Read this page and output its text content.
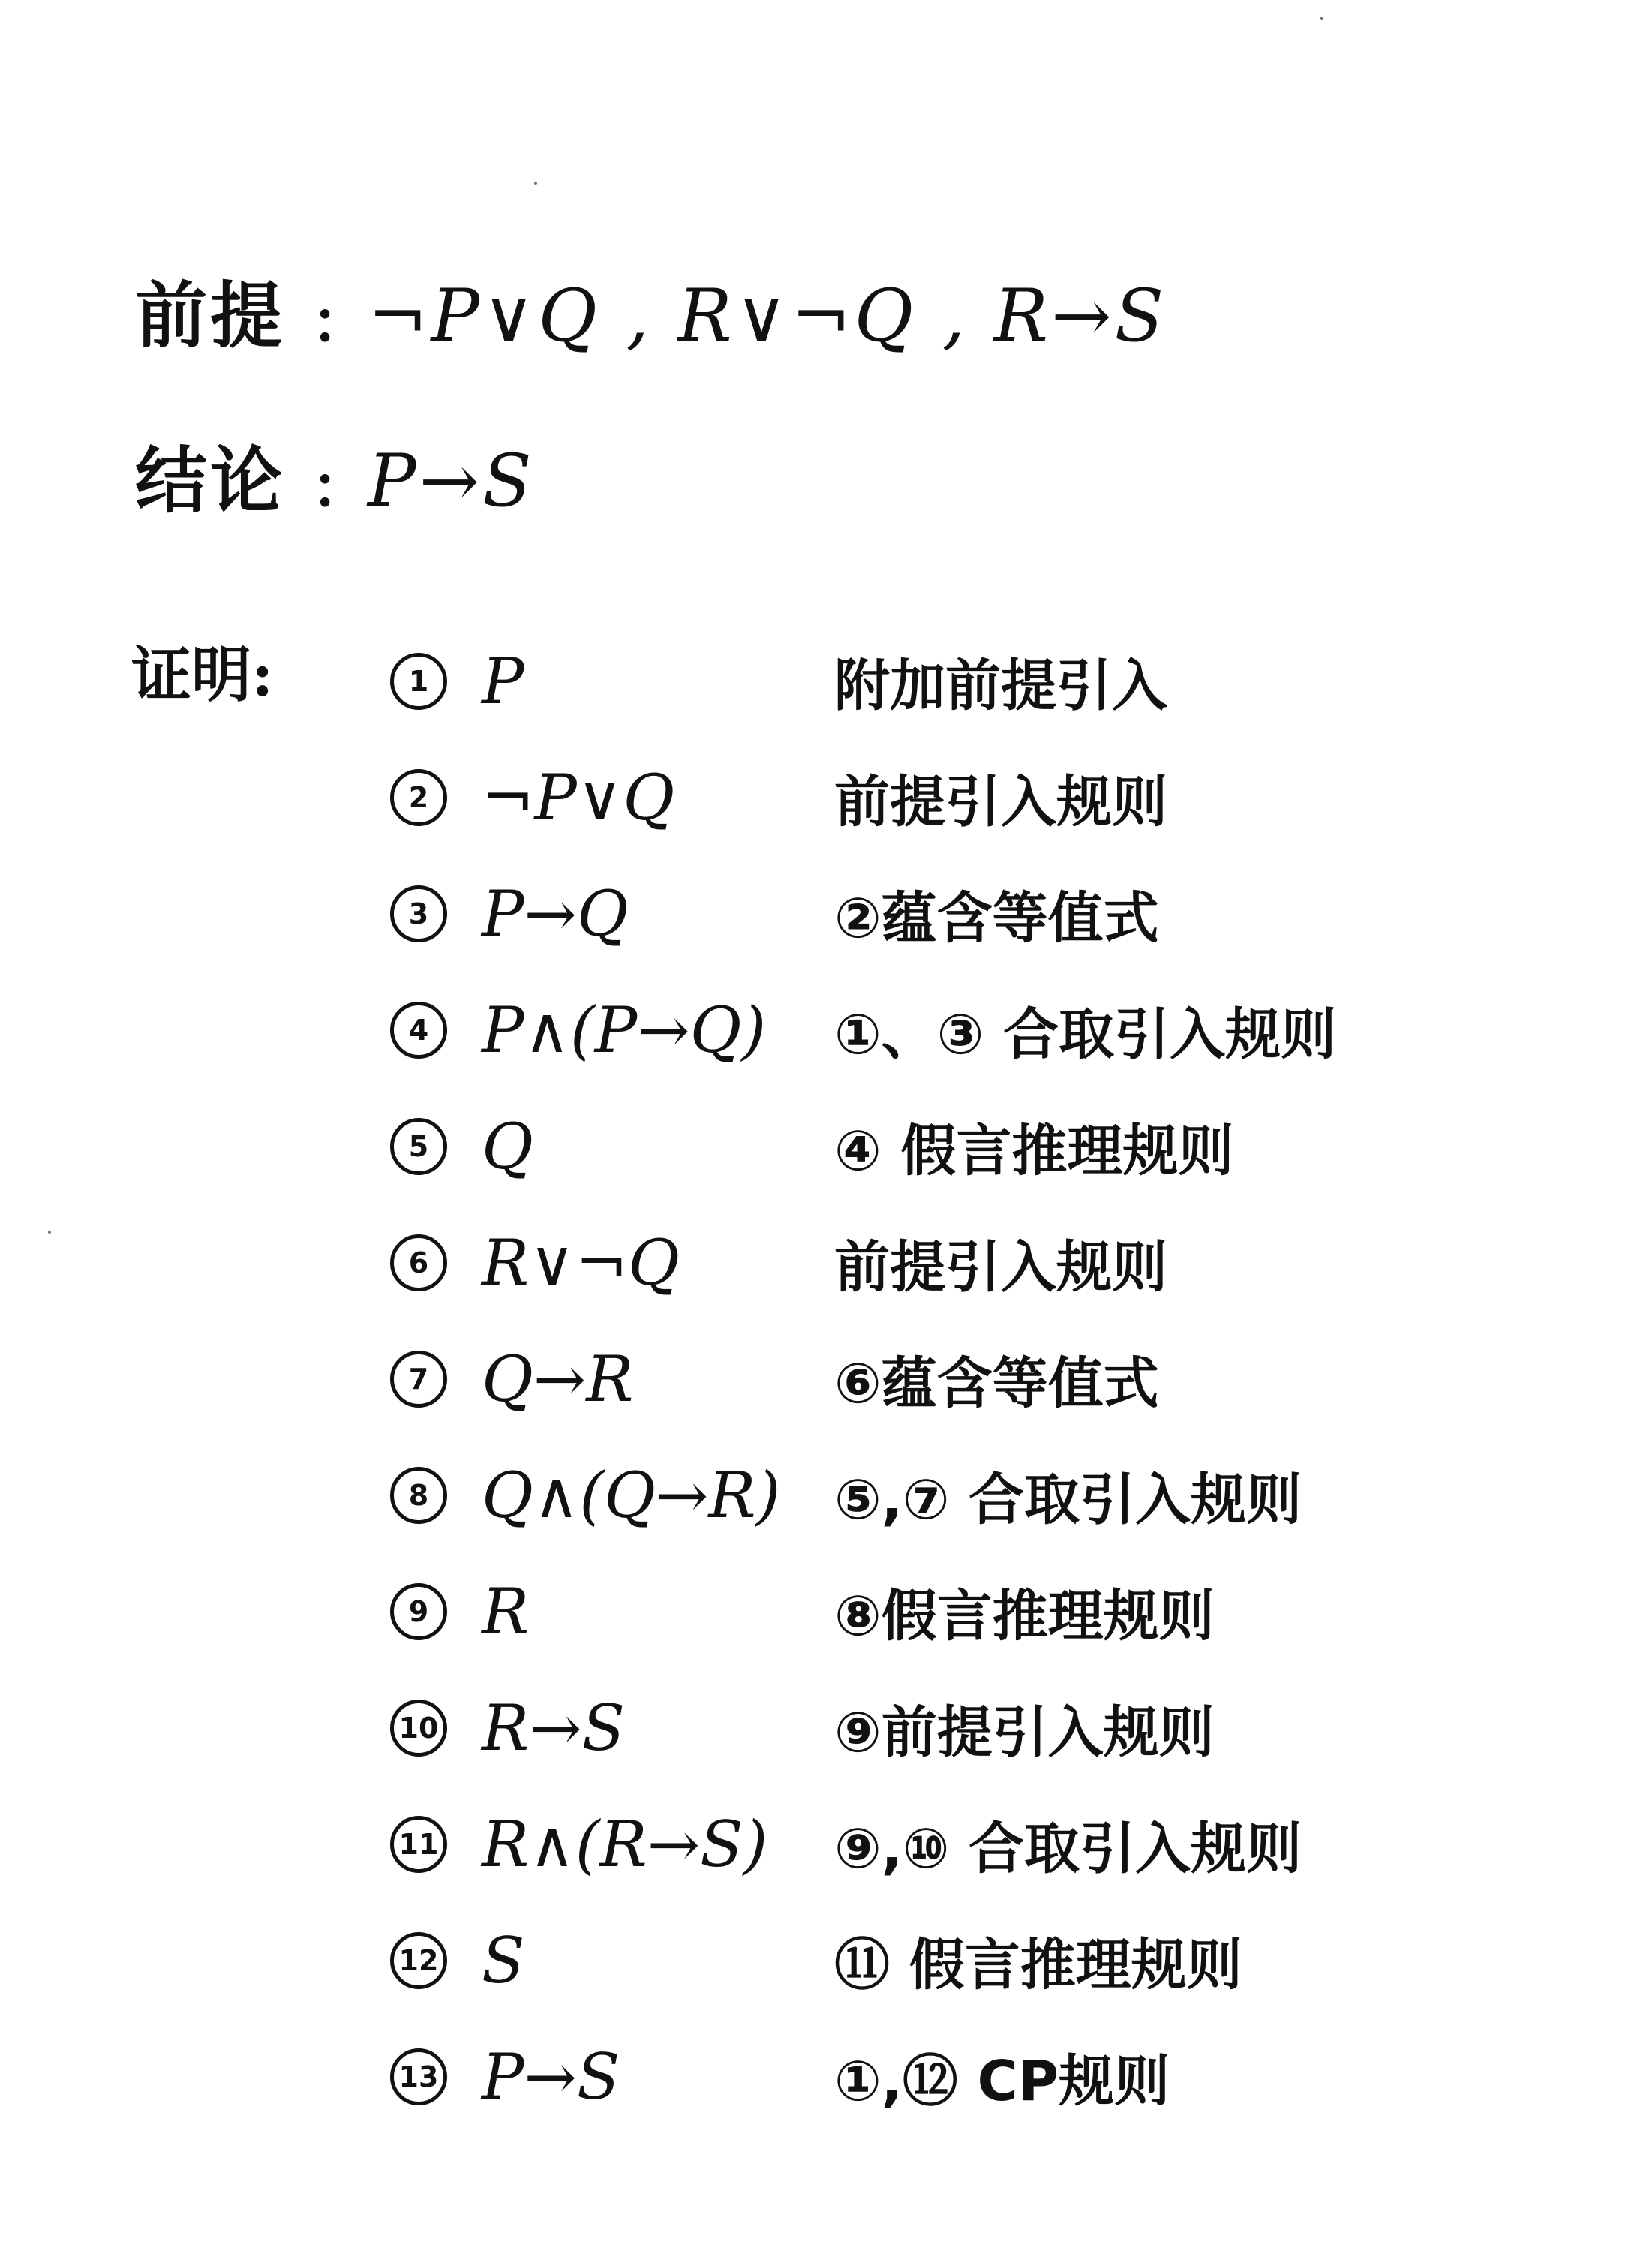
前提 : ¬P∨Q , R∨¬Q , R→S
结论 : P→S
证明:	1 P	附加前提引入
2 ¬P∨Q	前提引入规则
3 P→Q	②蕴含等值式
4 P∧(P→Q)	①、③ 合取引入规则
5 Q	④ 假言推理规则
6 R∨¬Q	前提引入规则
7 Q→R	⑥蕴含等值式
8 Q∧(Q→R) ⑤,⑦ 合取引入规则
9 R	⑧假言推理规则
10 R→S	⑨前提引入规则
11 R∧(R→S)	⑨,⑩ 合取引入规则
12 S	⑪ 假言推理规则
13 P→S	①,⑫ CP规则
